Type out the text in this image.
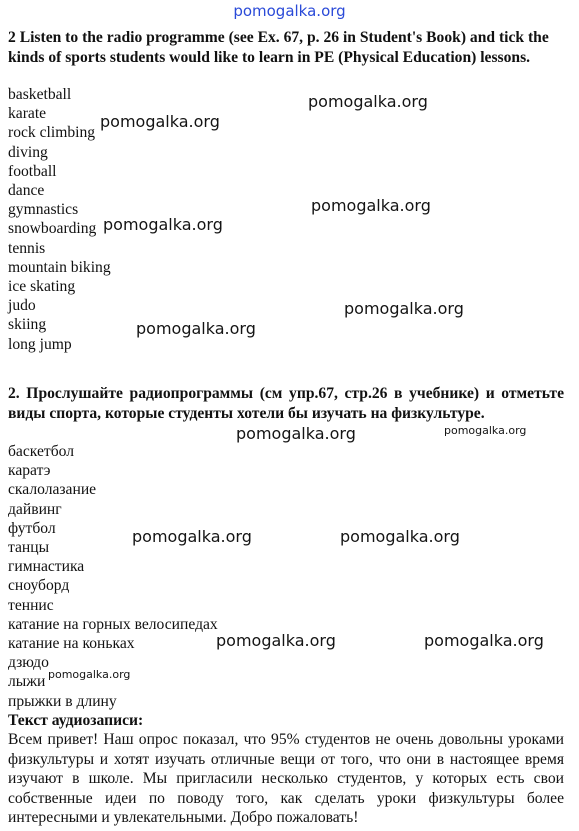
pomogalka.org
2 Listen to the radio programme (see Ex. 67, p. 26 in Student's Book) and tick the kinds of sports students would like to learn in PE (Physical Education) lessons.
basketball
karate
rock climbing
diving
football
dance
gymnastics
snowboarding
tennis
mountain biking
ice skating
judo
skiing
long jump
2. Прослушайте радиопрограммы (см упр.67, стр.26 в учебнике) и отметьте виды спорта, которые студенты хотели бы изучать на физкультуре.
баскетбол
каратэ
скалолазание
дайвинг
футбол
танцы
гимнастика
сноуборд
теннис
катание на горных велосипедах
катание на коньках
дзюдо
лыжи
прыжки в длину
Текст аудиозаписи:
Всем привет! Наш опрос показал, что 95% студентов не очень довольны уроками физкультуры и хотят изучать отличные вещи от того, что они в настоящее время изучают в школе. Мы пригласили несколько студентов, у которых есть свои собственные идеи по поводу того, как сделать уроки физкультуры более интересными и увлекательными. Добро пожаловать!
pomogalka.org
pomogalka.org
pomogalka.org
pomogalka.org
pomogalka.org
pomogalka.org
pomogalka.org	pomogalka.org
pomogalka.org	pomogalka.org
pomogalka.org	pomogalka.org
pomogalka.org
